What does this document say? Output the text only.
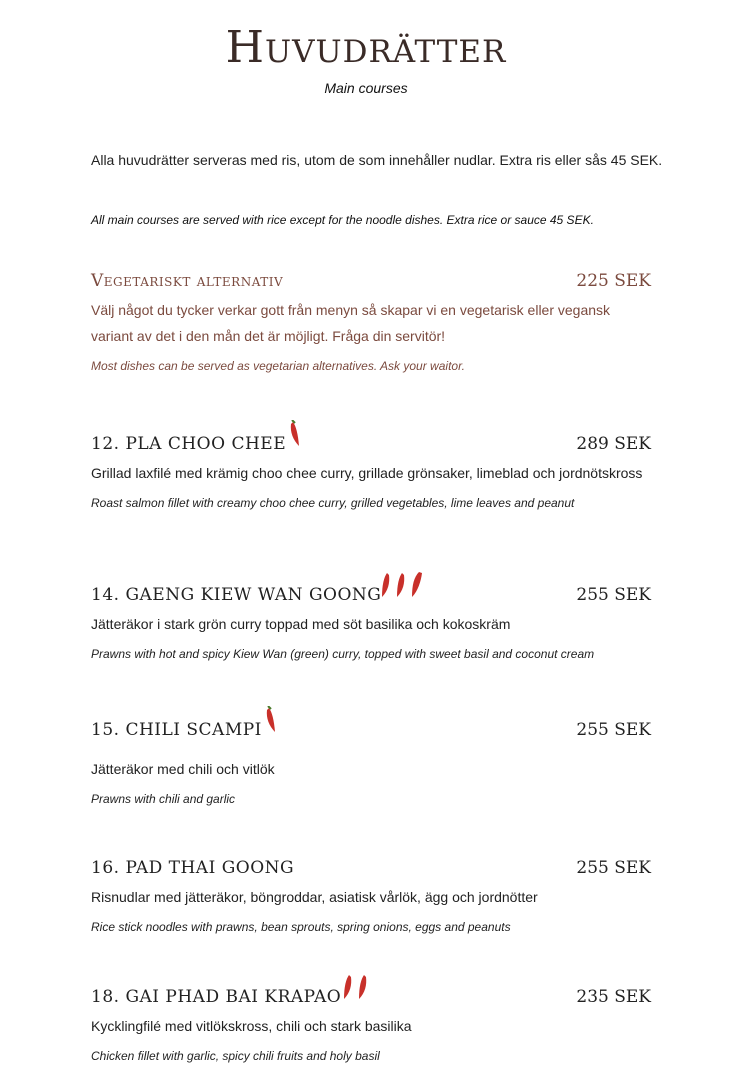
Huvudrätter
Main courses
Alla huvudrätter serveras med ris, utom de som innehåller nudlar. Extra ris eller sås 45 SEK.
All main courses are served with rice except for the noodle dishes. Extra rice or sauce 45 SEK.
Vegetariskt alternativ	225 SEK
Välj något du tycker verkar gott från menyn så skapar vi en vegetarisk eller vegansk variant av det i den mån det är möjligt. Fråga din servitör!
Most dishes can be served as vegetarian alternatives. Ask your waitor.
12. PLA CHOO CHEE	289 SEK
Grillad laxfilé med krämig choo chee curry, grillade grönsaker, limeblad och jordnötskross
Roast salmon fillet with creamy choo chee curry, grilled vegetables, lime leaves and peanut
14. GAENG KIEW WAN GOONG	255 SEK
Jätteräkor i stark grön curry toppad med söt basilika och kokoskräm
Prawns with hot and spicy Kiew Wan (green) curry, topped with sweet basil and coconut cream
15. CHILI SCAMPI	255 SEK
Jätteräkor med chili och vitlök
Prawns with chili and garlic
16. PAD THAI GOONG	255 SEK
Risnudlar med jätteräkor, böngroddar, asiatisk vårlök, ägg och jordnötter
Rice stick noodles with prawns, bean sprouts, spring onions, eggs and peanuts
18. GAI PHAD BAI KRAPAO	235 SEK
Kycklingfilé med vitlökskross, chili och stark basilika
Chicken fillet with garlic, spicy chili fruits and holy basil
